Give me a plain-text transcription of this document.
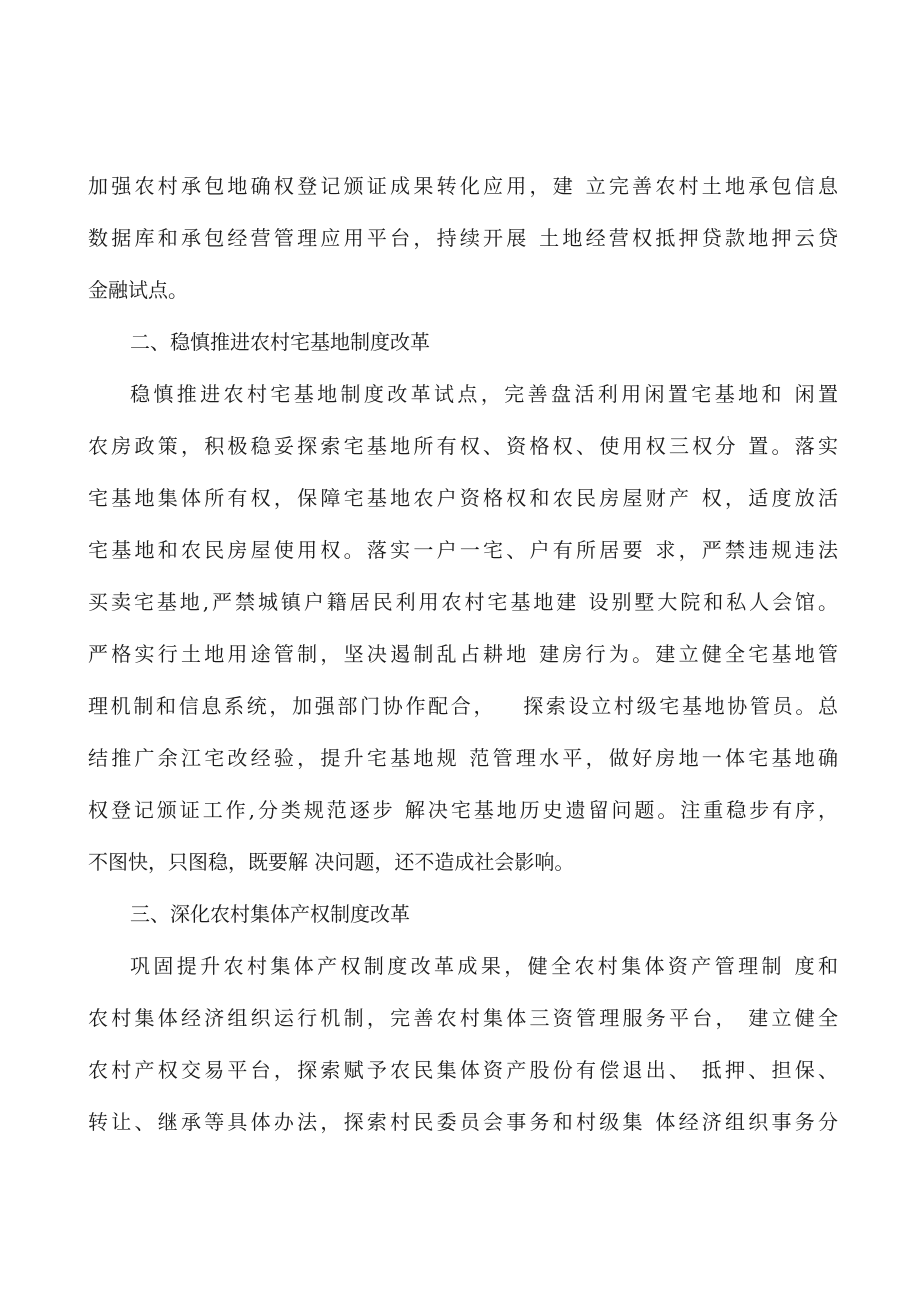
加强农村承包地确权登记颁证成果转化应用，建 立完善农村土地承包信息
数据库和承包经营管理应用平台，持续开展 土地经营权抵押贷款地押云贷
金融试点。
二、稳慎推进农村宅基地制度改革
稳慎推进农村宅基地制度改革试点，完善盘活利用闲置宅基地和 闲置
农房政策，积极稳妥探索宅基地所有权、资格权、使用权三权分 置。落实
宅基地集体所有权，保障宅基地农户资格权和农民房屋财产 权，适度放活
宅基地和农民房屋使用权。落实一户一宅、户有所居要 求，严禁违规违法
买卖宅基地,严禁城镇户籍居民利用农村宅基地建 设别墅大院和私人会馆。
严格实行土地用途管制，坚决遏制乱占耕地 建房行为。建立健全宅基地管
理机制和信息系统，加强部门协作配合，   探索设立村级宅基地协管员。总
结推广余江宅改经验，提升宅基地规 范管理水平，做好房地一体宅基地确
权登记颁证工作,分类规范逐步 解决宅基地历史遗留问题。注重稳步有序，
不图快，只图稳，既要解 决问题，还不造成社会影响。
三、深化农村集体产权制度改革
巩固提升农村集体产权制度改革成果，健全农村集体资产管理制 度和
农村集体经济组织运行机制，完善农村集体三资管理服务平台， 建立健全
农村产权交易平台，探索赋予农民集体资产股份有偿退出、 抵押、担保、
转让、继承等具体办法，探索村民委员会事务和村级集 体经济组织事务分
